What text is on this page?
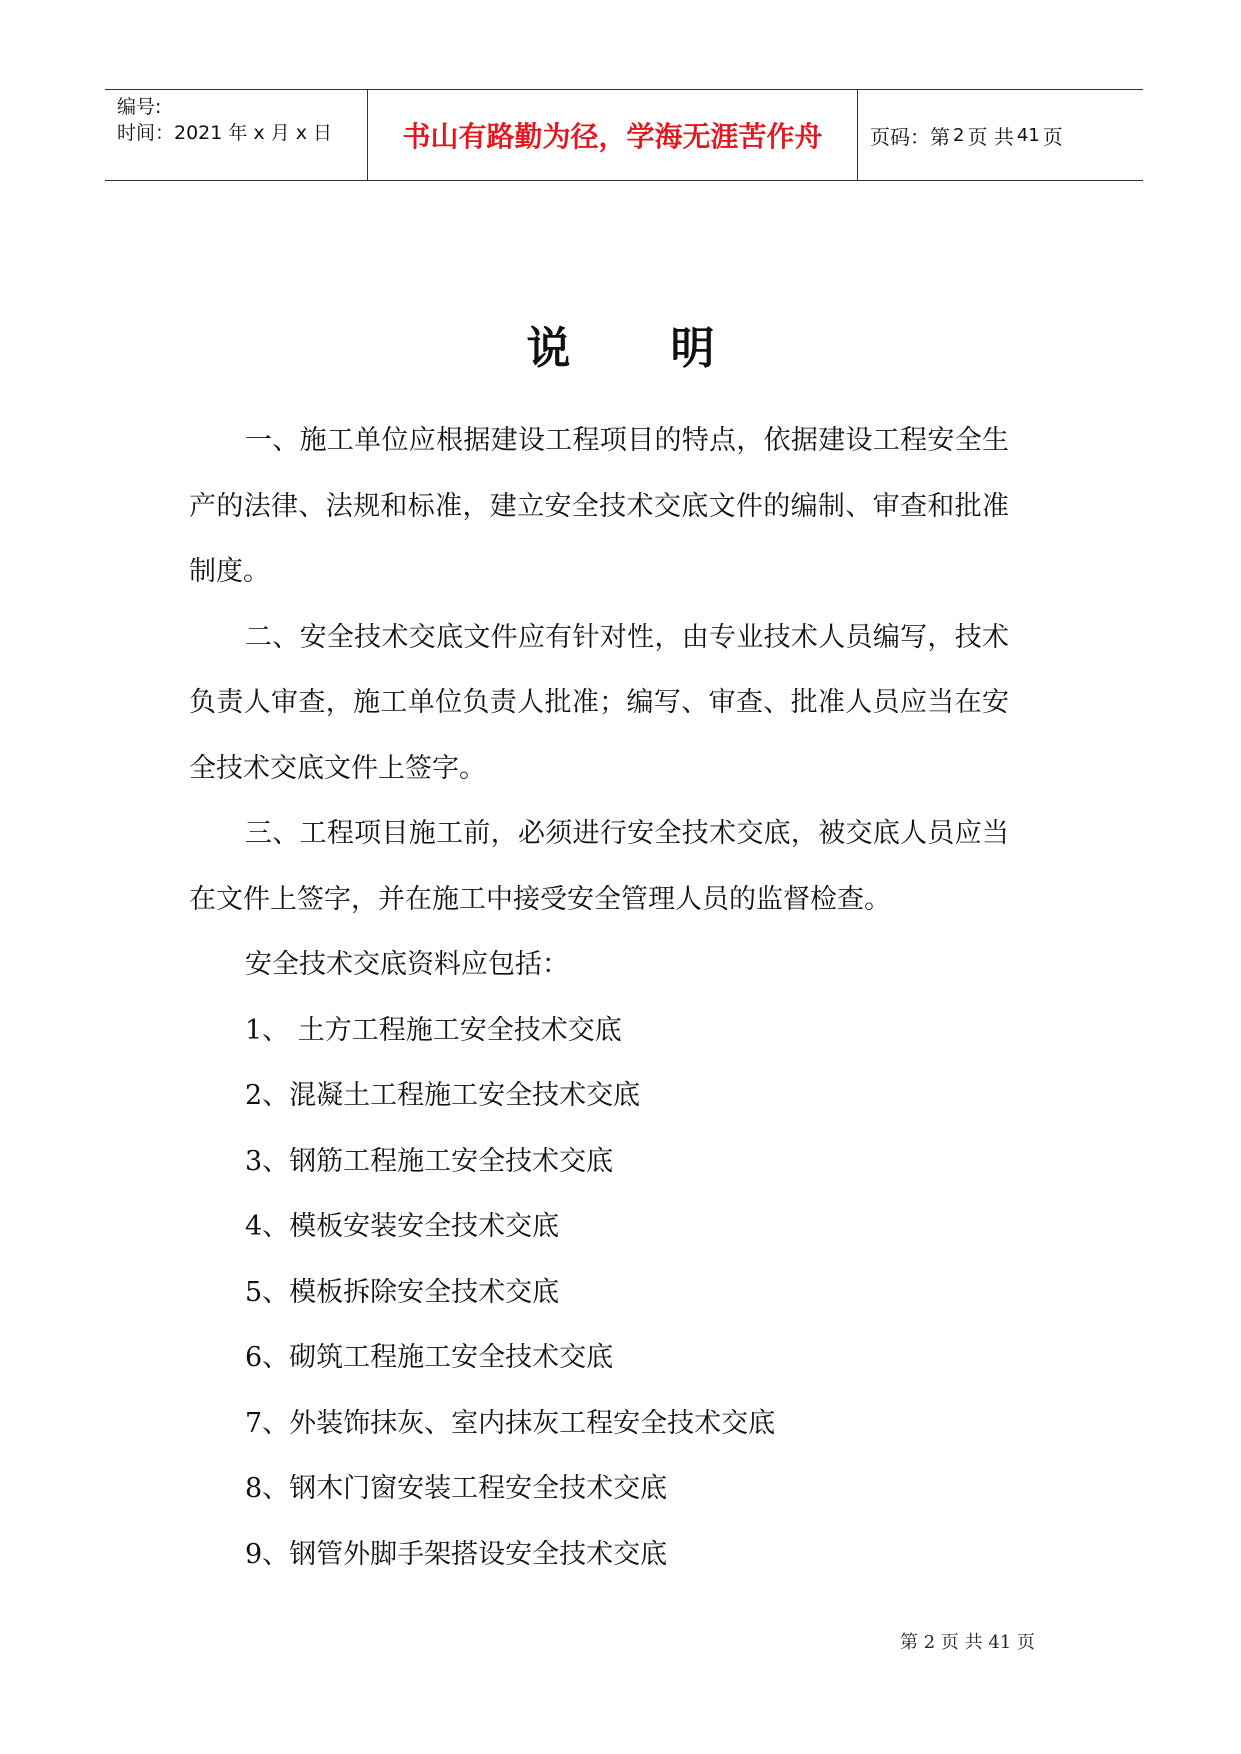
编号:
时间：2021 年 x 月 x 日	书山有路勤为径，学海无涯苦作舟	页码：第 2 页 共 41 页
说 明

一、施工单位应根据建设工程项目的特点，依据建设工程安全生产的法律、法规和标准，建立安全技术交底文件的编制、审查和批准制度。

二、安全技术交底文件应有针对性，由专业技术人员编写，技术负责人审查，施工单位负责人批准；编写、审查、批准人员应当在安全技术交底文件上签字。

三、工程项目施工前，必须进行安全技术交底，被交底人员应当在文件上签字，并在施工中接受安全管理人员的监督检查。

安全技术交底资料应包括：

1、 土方工程施工安全技术交底

2、混凝土工程施工安全技术交底

3、钢筋工程施工安全技术交底

4、模板安装安全技术交底

5、模板拆除安全技术交底

6、砌筑工程施工安全技术交底

7、外装饰抹灰、室内抹灰工程安全技术交底

8、钢木门窗安装工程安全技术交底

9、钢管外脚手架搭设安全技术交底

第 2 页 共 41 页
